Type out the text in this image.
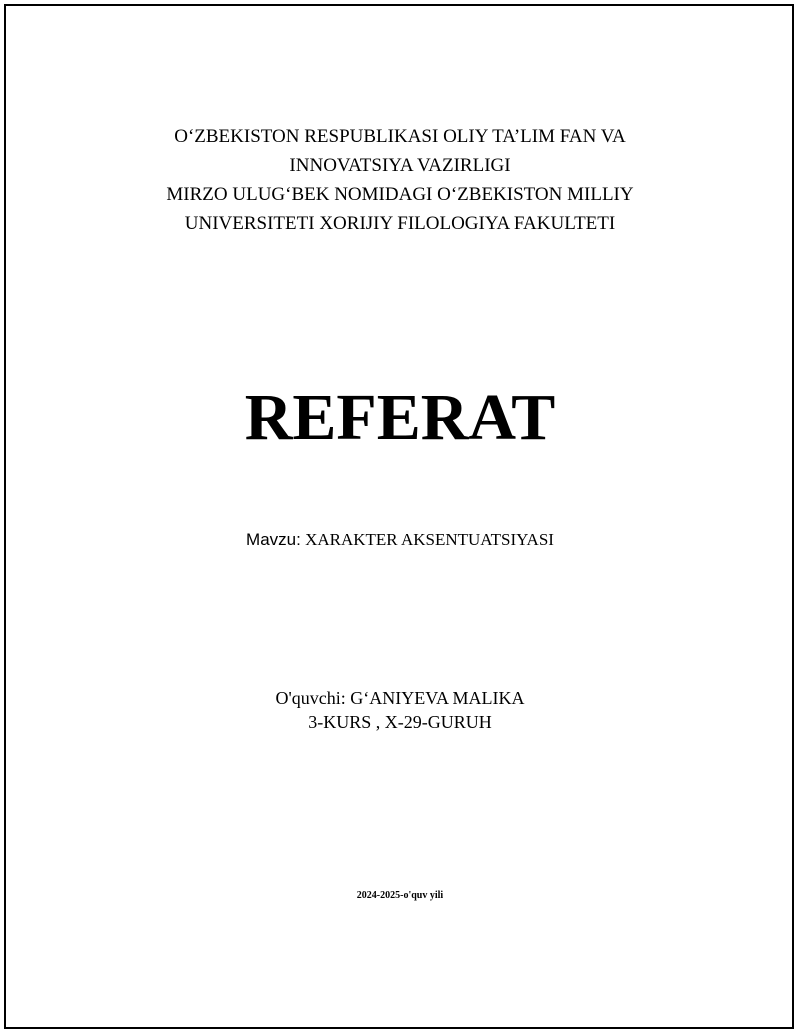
O‘ZBEKISTON RESPUBLIKASI OLIY TA’LIM FAN VA
INNOVATSIYA VAZIRLIGI
MIRZO ULUG‘BEK NOMIDAGI O‘ZBEKISTON MILLIY
UNIVERSITETI XORIJIY FILOLOGIYA FAKULTETI
REFERAT
Mavzu: XARAKTER AKSENTUATSIYASI
O'quvchi: G‘ANIYEVA MALIKA
3-KURS , X-29-GURUH
2024-2025-o'quv yili
